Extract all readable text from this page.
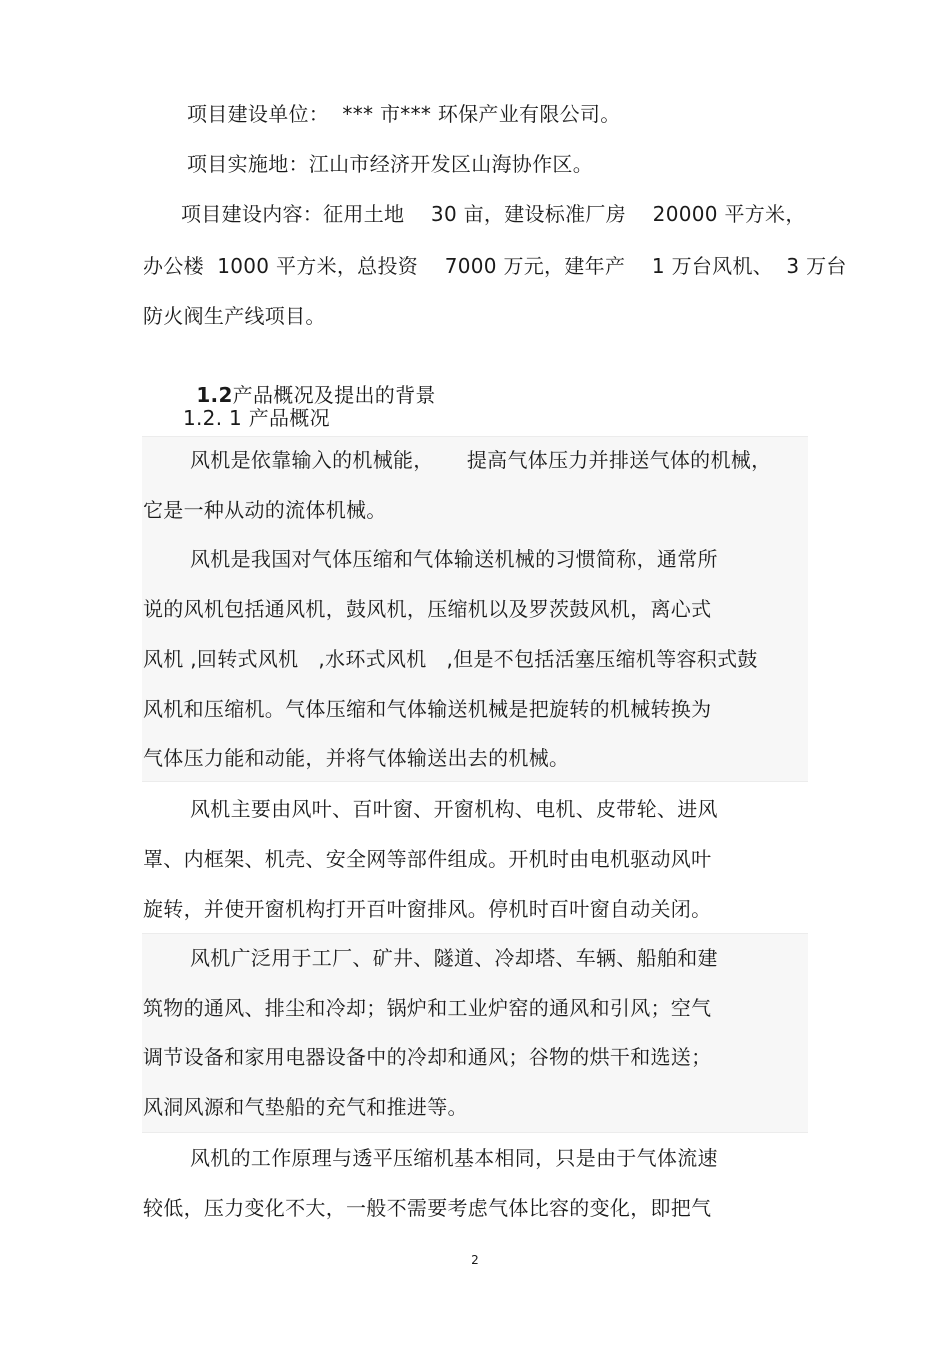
项目建设单位：  *** 市*** 环保产业有限公司。
项目实施地：江山市经济开发区山海协作区。
项目建设内容：征用土地    30 亩，建设标准厂房    20000 平方米，
办公楼  1000 平方米，总投资    7000 万元，建年产    1 万台风机、  3 万台
防火阀生产线项目。

1.2产品概况及提出的背景

1.2. 1 产品概况
风机是依靠输入的机械能，     提高气体压力并排送气体的机械，
它是一种从动的流体机械。
风机是我国对气体压缩和气体输送机械的习惯简称，通常所
说的风机包括通风机，鼓风机，压缩机以及罗茨鼓风机，离心式
风机 ,回转式风机   ,水环式风机   ,但是不包括活塞压缩机等容积式鼓
风机和压缩机。气体压缩和气体输送机械是把旋转的机械转换为
气体压力能和动能，并将气体输送出去的机械。
风机主要由风叶、百叶窗、开窗机构、电机、皮带轮、进风
罩、内框架、机壳、安全网等部件组成。开机时由电机驱动风叶
旋转，并使开窗机构打开百叶窗排风。停机时百叶窗自动关闭。
风机广泛用于工厂、矿井、隧道、冷却塔、车辆、船舶和建
筑物的通风、排尘和冷却；锅炉和工业炉窑的通风和引风；空气
调节设备和家用电器设备中的冷却和通风；谷物的烘干和选送；
风洞风源和气垫船的充气和推进等。
风机的工作原理与透平压缩机基本相同，只是由于气体流速
较低，压力变化不大，一般不需要考虑气体比容的变化，即把气
2
